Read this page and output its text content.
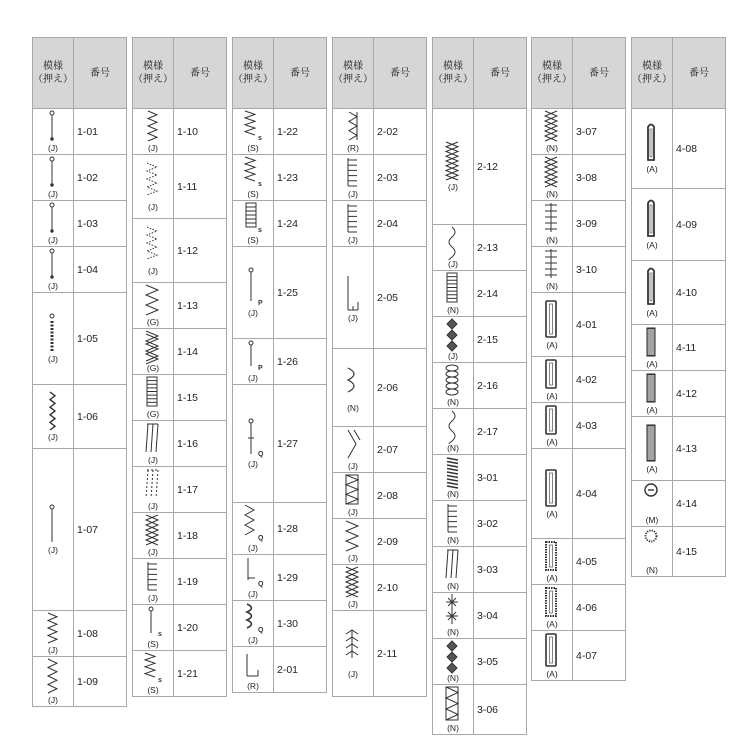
模様
（押え）	番号

(J)	1-01

(J)	1-02

(J)	1-03

(J)	1-04

(J)	1-05

(J)	1-06

(J)	1-07

(J)	1-08

(J)	1-09
模様
（押え）	番号

(J)	1-10

(J)	1-11

(J)	1-12

(G)	1-13

(G)	1-14

(G)	1-15

(J)	1-16

(J)	1-17

(J)	1-18

(J)	1-19

s
(S)	1-20

s
(S)	1-21
模様
（押え）	番号

s
(S)	1-22

s
(S)	1-23

s
(S)	1-24

P
(J)	1-25

P
(J)	1-26

Q
(J)	1-27

Q
(J)	1-28

Q
(J)	1-29

Q
(J)	1-30

(R)	2-01
模様
（押え）	番号

(R)	2-02

(J)	2-03

(J)	2-04

(J)	2-05

(N)	2-06

(J)	2-07

(J)	2-08

(J)	2-09

(J)	2-10

(J)	2-11
模様
（押え）	番号

(J)	2-12

(J)	2-13

(N)	2-14

(J)	2-15

(N)	2-16

(N)	2-17

(N)	3-01

(N)	3-02

(N)	3-03

(N)	3-04

(N)	3-05

(N)	3-06
模様
（押え）	番号

(N)	3-07

(N)	3-08

(N)	3-09

(N)	3-10

(A)	4-01

(A)	4-02

(A)	4-03

(A)	4-04

(A)	4-05

(A)	4-06

(A)	4-07
模様
（押え）	番号

(A)	4-08

(A)	4-09

(A)	4-10

(A)	4-11

(A)	4-12

(A)	4-13

(M)	4-14

(N)	4-15
